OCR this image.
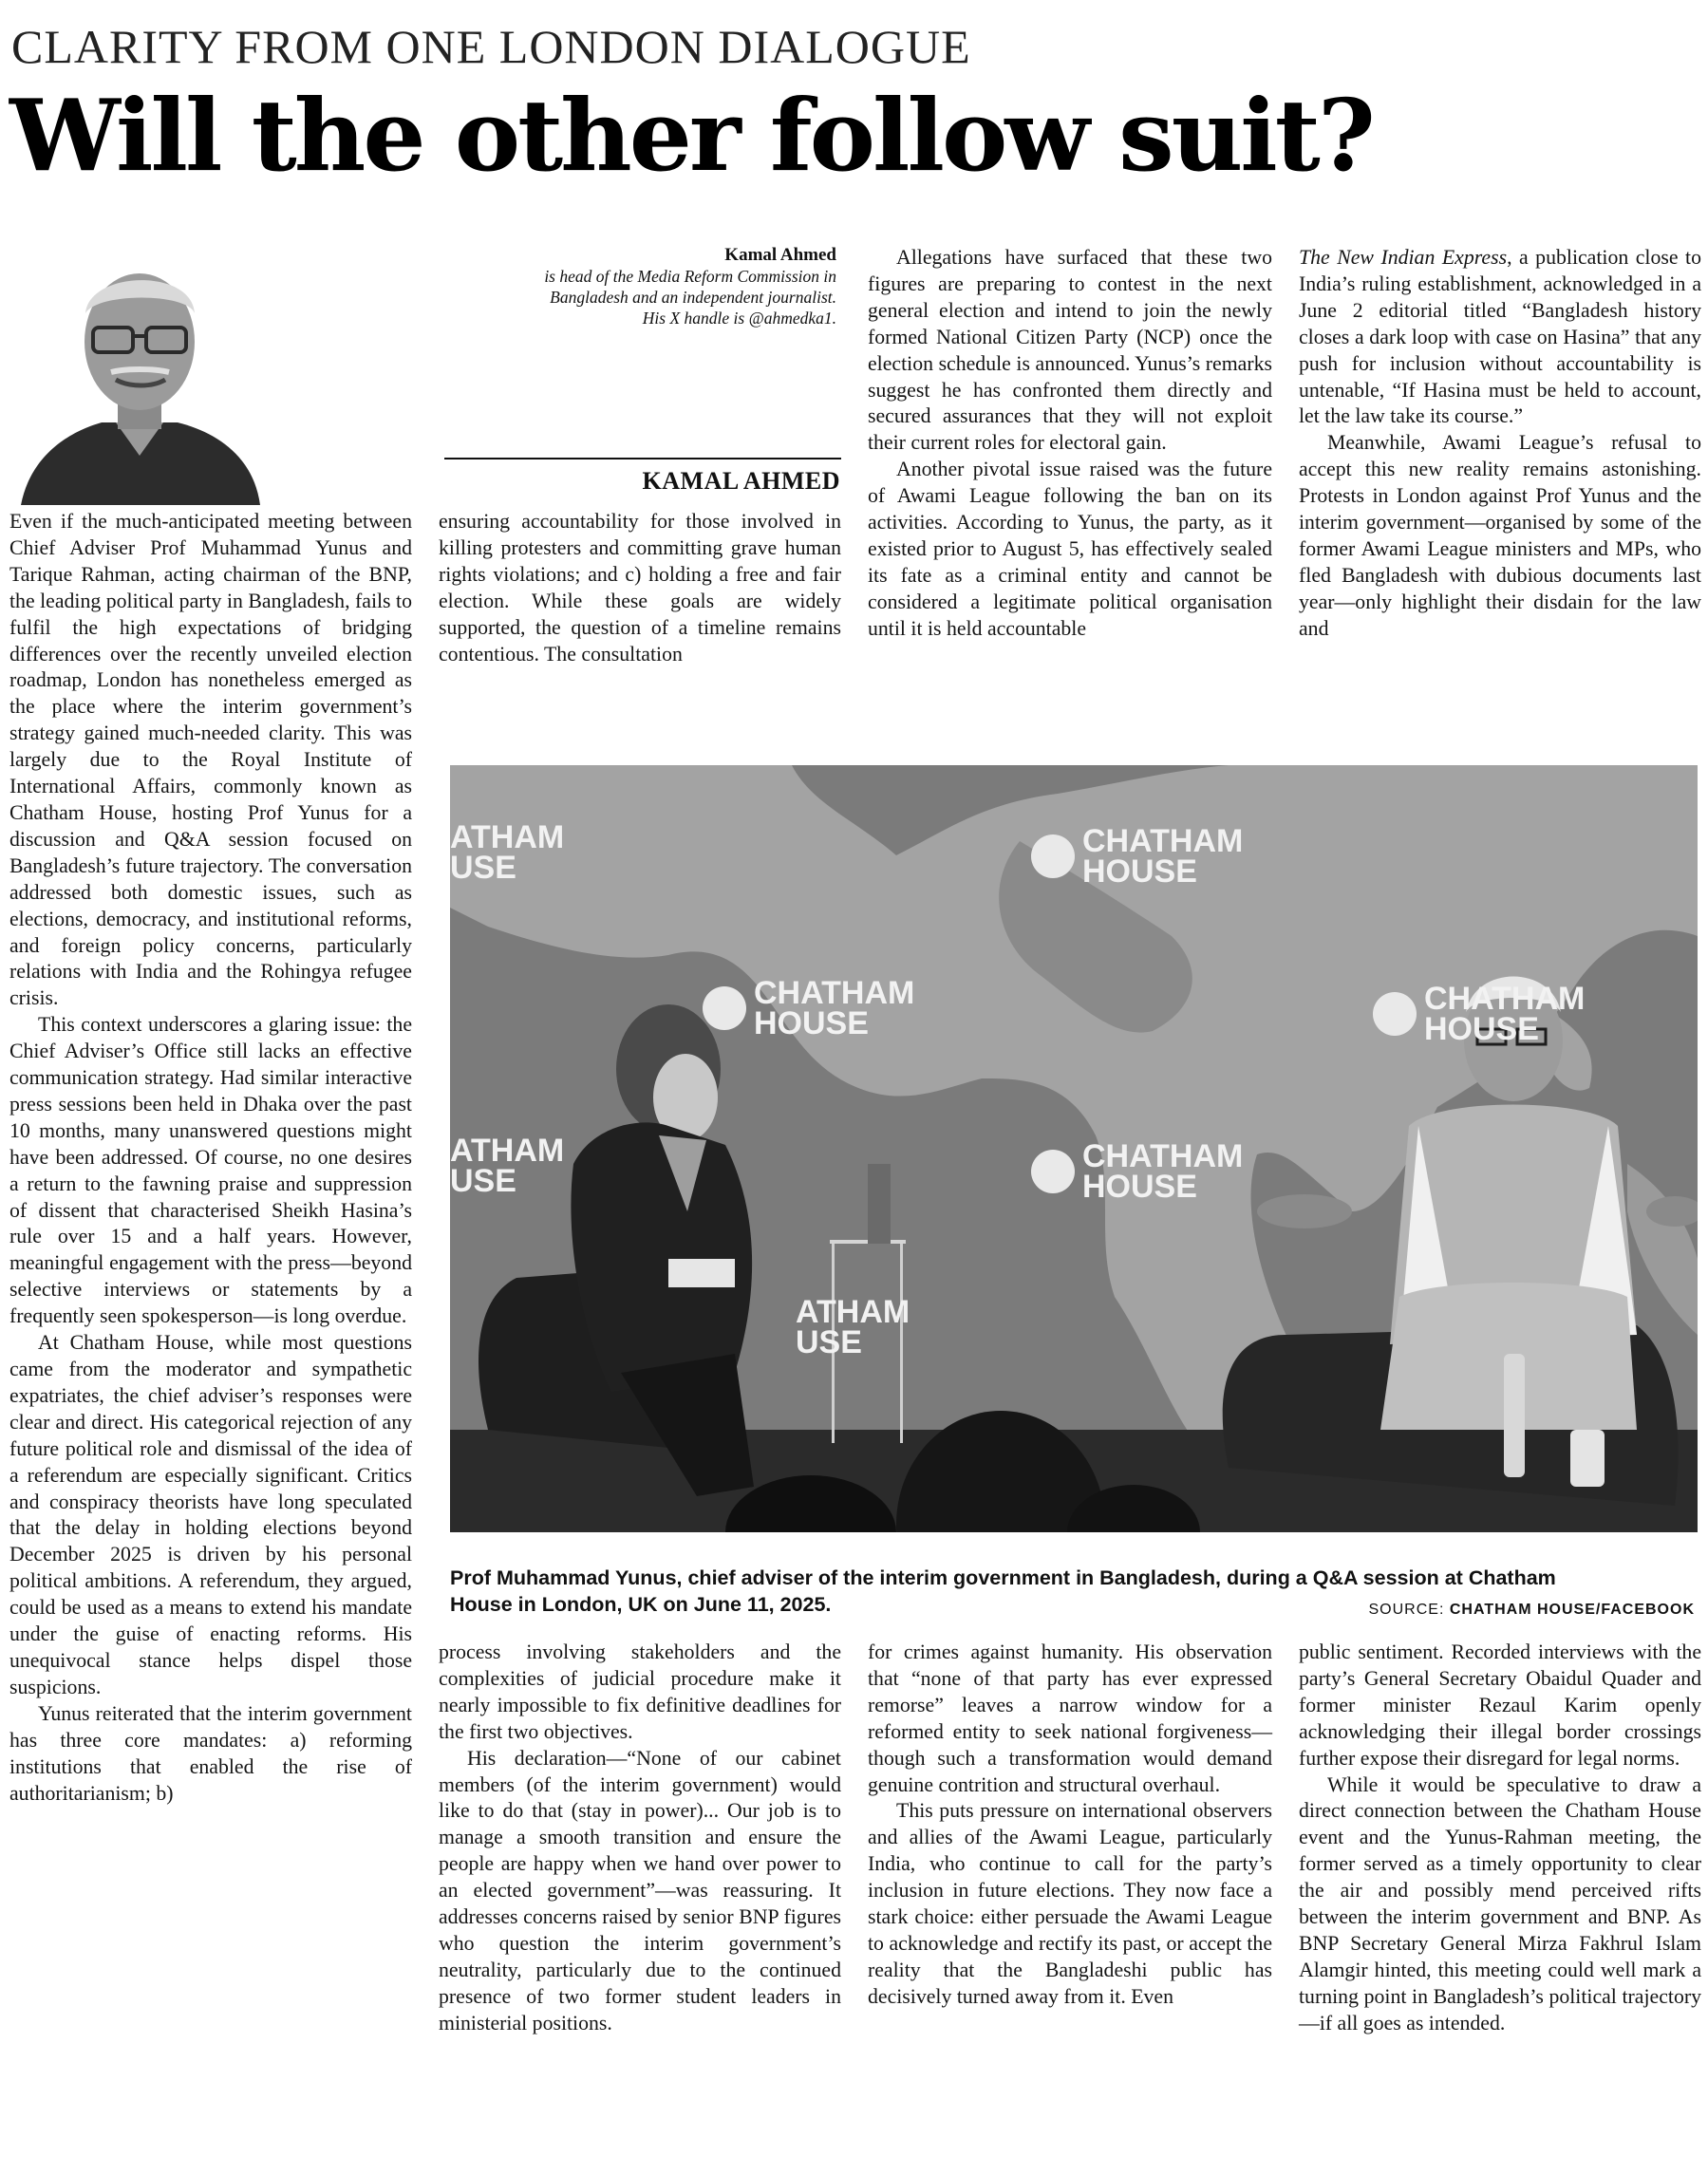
CLARITY FROM ONE LONDON DIALOGUE
Will the other follow suit?
Kamal Ahmed
is head of the Media Reform Commission in
Bangladesh and an independent journalist.
His X handle is @ahmedka1.
KAMAL AHMED

Even if the much-anticipated meeting between Chief Adviser Prof Muhammad Yunus and Tarique Rahman, acting chairman of the BNP, the leading political party in Bangladesh, fails to fulfil the high expectations of bridging differences over the recently unveiled election roadmap, London has nonetheless emerged as the place where the interim government’s strategy gained much-needed clarity. This was largely due to the Royal Institute of International Affairs, commonly known as Chatham House, hosting Prof Yunus for a discussion and Q&A session focused on Bangladesh’s future trajectory. The conversation addressed both domestic issues, such as elections, democracy, and institutional reforms, and foreign policy concerns, particularly relations with India and the Rohingya refugee crisis.

This context underscores a glaring issue: the Chief Adviser’s Office still lacks an effective communication strategy. Had similar interactive press sessions been held in Dhaka over the past 10 months, many unanswered questions might have been addressed. Of course, no one desires a return to the fawning praise and suppression of dissent that characterised Sheikh Hasina’s rule over 15 and a half years. However, meaningful engagement with the press—beyond selective interviews or statements by a frequently seen spokesperson—is long overdue.

At Chatham House, while most questions came from the moderator and sympathetic expatriates, the chief adviser’s responses were clear and direct. His categorical rejection of any future political role and dismissal of the idea of a referendum are especially significant. Critics and conspiracy theorists have long speculated that the delay in holding elections beyond December 2025 is driven by his personal political ambitions. A referendum, they argued, could be used as a means to extend his mandate under the guise of enacting reforms. His unequivocal stance helps dispel those suspicions.

Yunus reiterated that the interim government has three core mandates: a) reforming institutions that enabled the rise of authoritarianism; b)

ensuring accountability for those involved in killing protesters and committing grave human rights violations; and c) holding a free and fair election. While these goals are widely supported, the question of a timeline remains contentious. The consultation

Allegations have surfaced that these two figures are preparing to contest in the next general election and intend to join the newly formed National Citizen Party (NCP) once the election schedule is announced. Yunus’s remarks suggest he has confronted them directly and secured assurances that they will not exploit their current roles for electoral gain.

Another pivotal issue raised was the future of Awami League following the ban on its activities. According to Yunus, the party, as it existed prior to August 5, has effectively sealed its fate as a criminal entity and cannot be considered a legitimate political organisation until it is held accountable

The New Indian Express, a publication close to India’s ruling establishment, acknowledged in a June 2 editorial titled “Bangladesh history closes a dark loop with case on Hasina” that any push for inclusion without accountability is untenable, “If Hasina must be held to account, let the law take its course.”

Meanwhile, Awami League’s refusal to accept this new reality remains astonishing. Protests in London against Prof Yunus and the interim government—organised by some of the former Awami League ministers and MPs, who fled Bangladesh with dubious documents last year—only highlight their disdain for the law and

ATHAM
USE
CHATHAM
HOUSE
CHATHAM
HOUSE
CHATHAM
HOUSE
ATHAM
USE
CHATHAM
HOUSE
ATHAM
USE
Prof Muhammad Yunus, chief adviser of the interim government in Bangladesh, during a Q&A session at Chatham
House in London, UK on June 11, 2025.	SOURCE: CHATHAM HOUSE/FACEBOOK

process involving stakeholders and the complexities of judicial procedure make it nearly impossible to fix definitive deadlines for the first two objectives.

His declaration—“None of our cabinet members (of the interim government) would like to do that (stay in power)... Our job is to manage a smooth transition and ensure the people are happy when we hand over power to an elected government”—was reassuring. It addresses concerns raised by senior BNP figures who question the interim government’s neutrality, particularly due to the continued presence of two former student leaders in ministerial positions.

for crimes against humanity. His observation that “none of that party has ever expressed remorse” leaves a narrow window for a reformed entity to seek national forgiveness—though such a transformation would demand genuine contrition and structural overhaul.

This puts pressure on international observers and allies of the Awami League, particularly India, who continue to call for the party’s inclusion in future elections. They now face a stark choice: either persuade the Awami League to acknowledge and rectify its past, or accept the reality that the Bangladeshi public has decisively turned away from it. Even

public sentiment. Recorded interviews with the party’s General Secretary Obaidul Quader and former minister Rezaul Karim openly acknowledging their illegal border crossings further expose their disregard for legal norms.

While it would be speculative to draw a direct connection between the Chatham House event and the Yunus-Rahman meeting, the former served as a timely opportunity to clear the air and possibly mend perceived rifts between the interim government and BNP. As BNP Secretary General Mirza Fakhrul Islam Alamgir hinted, this meeting could well mark a turning point in Bangladesh’s political trajectory—if all goes as intended.
